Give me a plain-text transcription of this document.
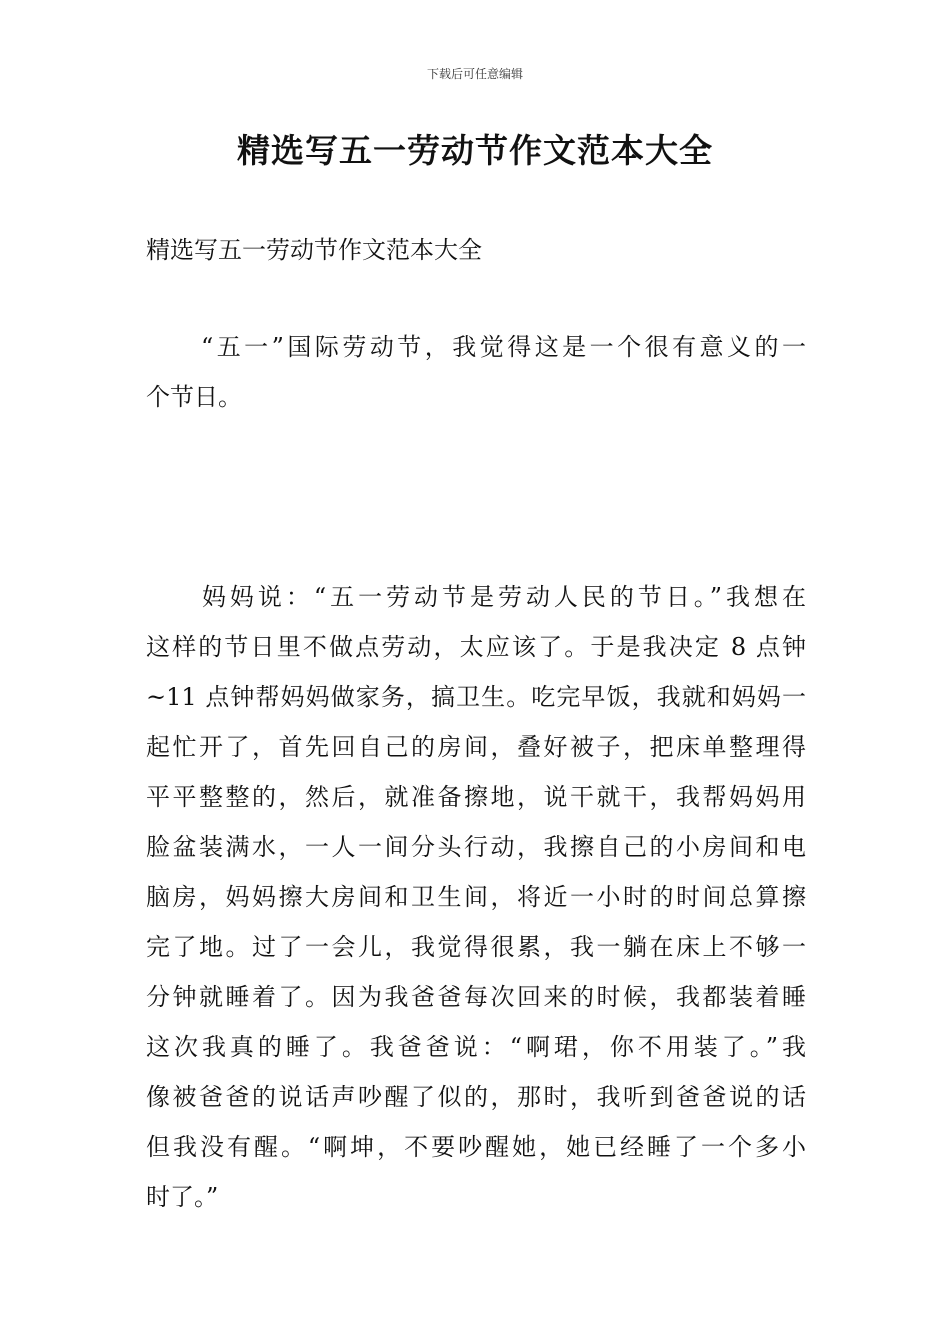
下载后可任意编辑
精选写五一劳动节作文范本大全

精选写五一劳动节作文范本大全

　　“五一”国际劳动节，我觉得这是一个很有意义的一
个节日。
　　妈妈说：“五一劳动节是劳动人民的节日。”我想在
这样的节日里不做点劳动，太应该了。于是我决定 8 点钟
~11 点钟帮妈妈做家务，搞卫生。吃完早饭，我就和妈妈一
起忙开了，首先回自己的房间，叠好被子，把床单整理得
平平整整的，然后，就准备擦地，说干就干，我帮妈妈用
脸盆装满水，一人一间分头行动，我擦自己的小房间和电
脑房，妈妈擦大房间和卫生间，将近一小时的时间总算擦
完了地。过了一会儿，我觉得很累，我一躺在床上不够一
分钟就睡着了。因为我爸爸每次回来的时候，我都装着睡
这次我真的睡了。我爸爸说：“啊珺，你不用装了。”我
像被爸爸的说话声吵醒了似的，那时，我听到爸爸说的话
但我没有醒。“啊坤，不要吵醒她，她已经睡了一个多小
时了。”
